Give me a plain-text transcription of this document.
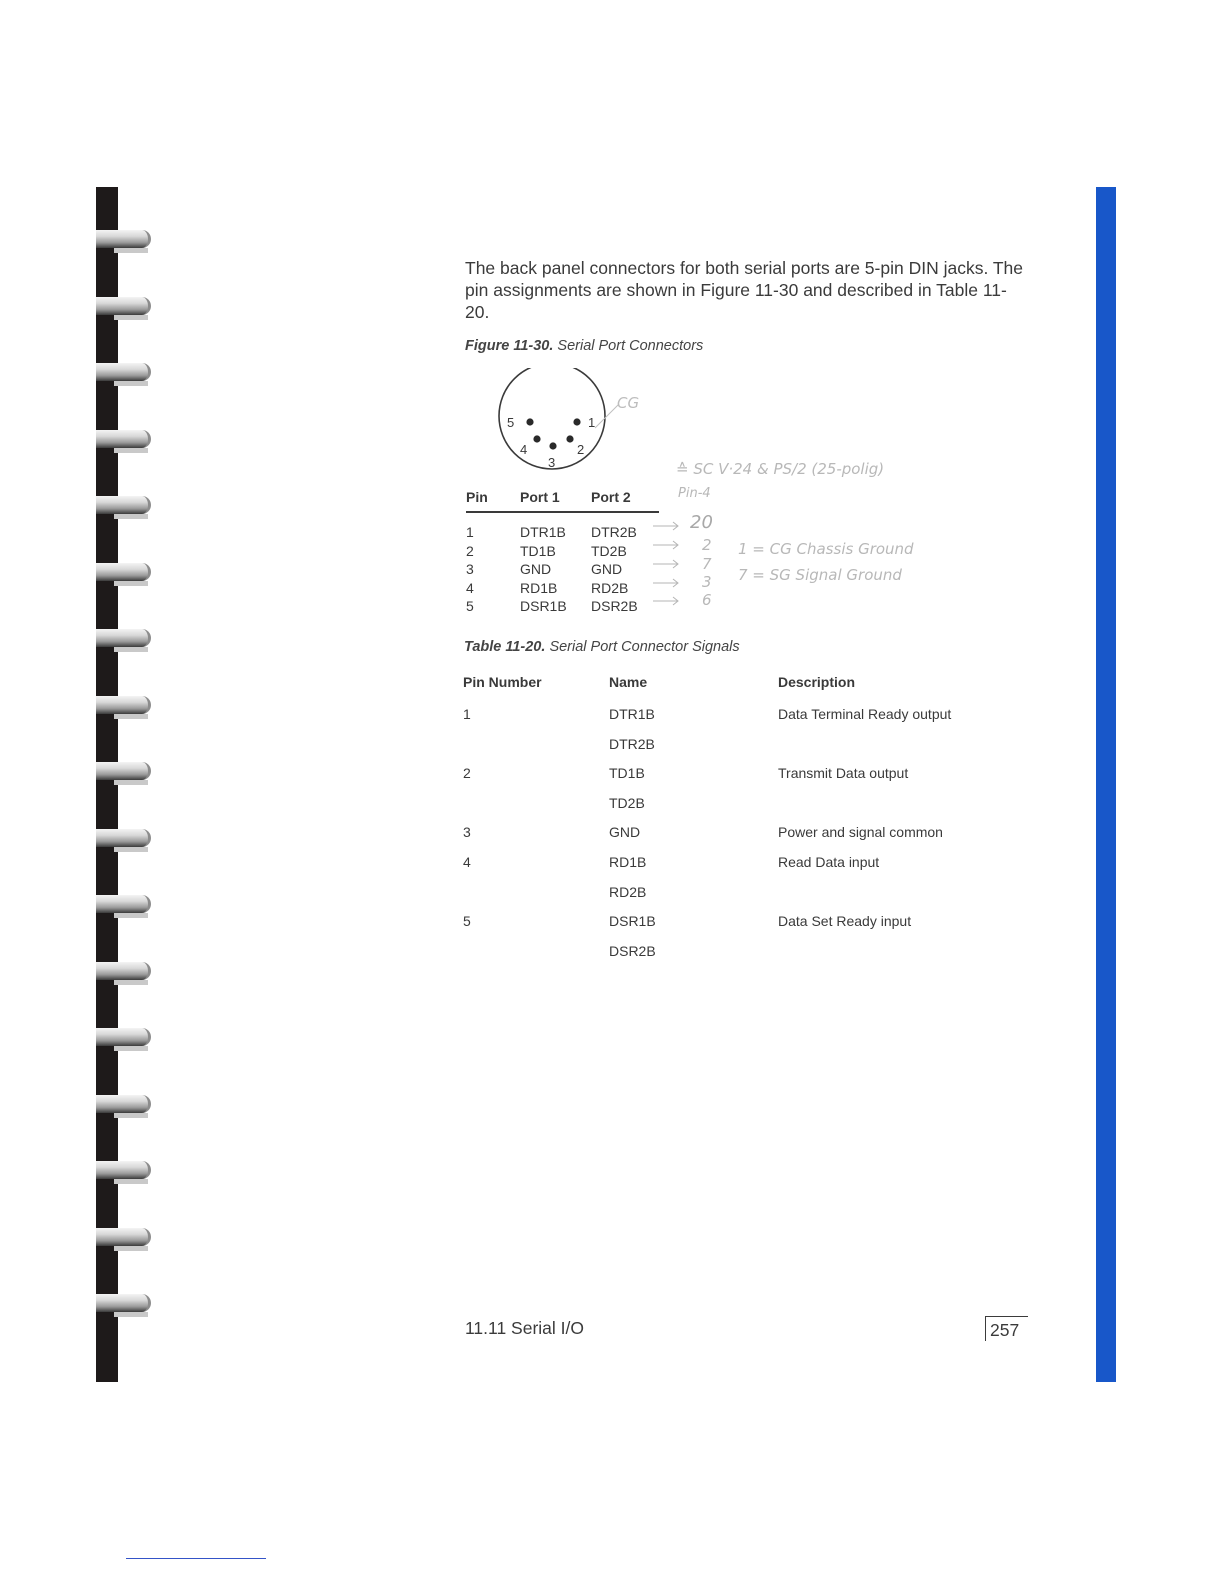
The back panel connectors for both serial ports are 5-pin DIN jacks. The pin assignments are shown in Figure 11-30 and described in Table 11-20.
Figure 11-30. Serial Port Connectors
5	1
4	2
3
CG
Pin	Port 1	Port 2
1	DTR1B	DTR2B
2	TD1B	TD2B
3	GND	GND
4	RD1B	RD2B
5	DSR1B	DSR2B
≙ SC V·24 & PS/2 (25-polig)
Pin-4
20
2
7
3
6
1 = CG Chassis Ground
7 = SG Signal Ground
Table 11-20. Serial Port Connector Signals
Pin Number	Name	Description
1	DTR1B	Data Terminal Ready output
	DTR2B	
2	TD1B	Transmit Data output
	TD2B	
3	GND	Power and signal common
4	RD1B	Read Data input
	RD2B	
5	DSR1B	Data Set Ready input
	DSR2B	
11.11 Serial I/O	257
